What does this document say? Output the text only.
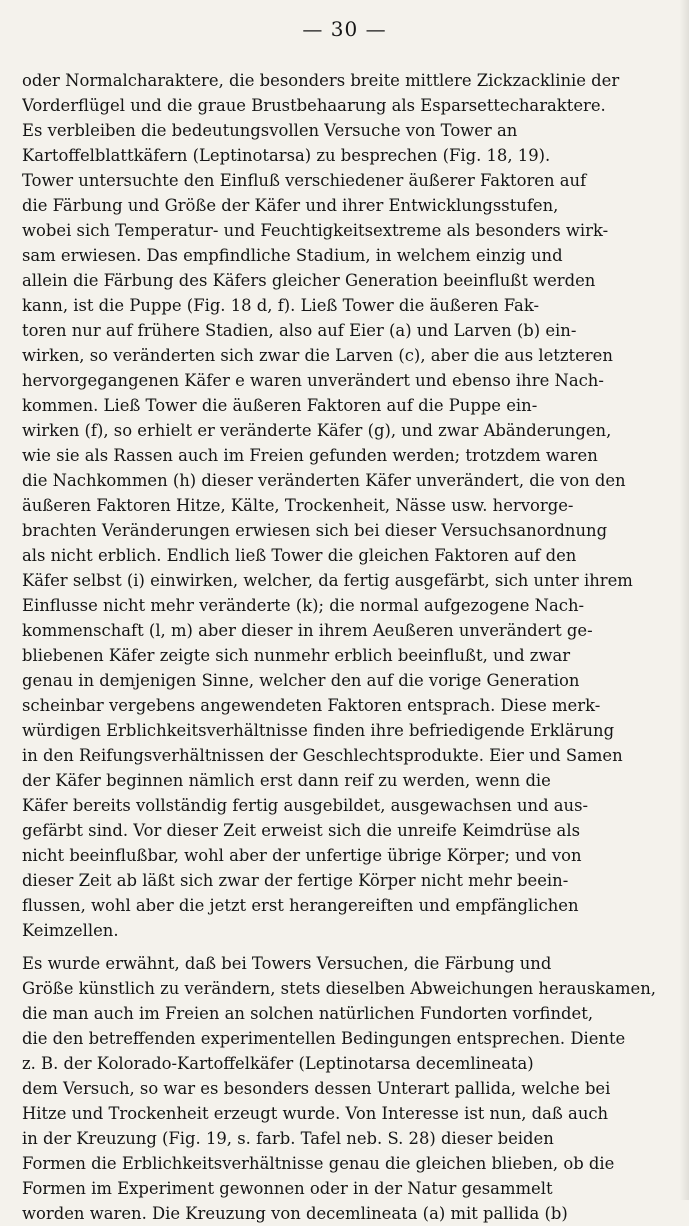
— 30 —
oder Normalcharaktere, die besonders breite mittlere Zickzacklinie der
Vorderflügel und die graue Brustbehaarung als Esparsettecharaktere.
Es verbleiben die bedeutungsvollen Versuche von Tower an
Kartoffelblattkäfern (Leptinotarsa) zu besprechen (Fig. 18, 19).
Tower untersuchte den Einfluß verschiedener äußerer Faktoren auf
die Färbung und Größe der Käfer und ihrer Entwicklungsstufen,
wobei sich Temperatur- und Feuchtigkeitsextreme als besonders wirk-
sam erwiesen. Das empfindliche Stadium, in welchem einzig und
allein die Färbung des Käfers gleicher Generation beeinflußt werden
kann, ist die Puppe (Fig. 18 d, f). Ließ Tower die äußeren Fak-
toren nur auf frühere Stadien, also auf Eier (a) und Larven (b) ein-
wirken, so veränderten sich zwar die Larven (c), aber die aus letzteren
hervorgegangenen Käfer e waren unverändert und ebenso ihre Nach-
kommen. Ließ Tower die äußeren Faktoren auf die Puppe ein-
wirken (f), so erhielt er veränderte Käfer (g), und zwar Abänderungen,
wie sie als Rassen auch im Freien gefunden werden; trotzdem waren
die Nachkommen (h) dieser veränderten Käfer unverändert, die von den
äußeren Faktoren Hitze, Kälte, Trockenheit, Nässe usw. hervorge-
brachten Veränderungen erwiesen sich bei dieser Versuchsanordnung
als nicht erblich. Endlich ließ Tower die gleichen Faktoren auf den
Käfer selbst (i) einwirken, welcher, da fertig ausgefärbt, sich unter ihrem
Einflusse nicht mehr veränderte (k); die normal aufgezogene Nach-
kommenschaft (l, m) aber dieser in ihrem Aeußeren unverändert ge-
bliebenen Käfer zeigte sich nunmehr erblich beeinflußt, und zwar
genau in demjenigen Sinne, welcher den auf die vorige Generation
scheinbar vergebens angewendeten Faktoren entsprach. Diese merk-
würdigen Erblichkeitsverhältnisse finden ihre befriedigende Erklärung
in den Reifungsverhältnissen der Geschlechtsprodukte. Eier und Samen
der Käfer beginnen nämlich erst dann reif zu werden, wenn die
Käfer bereits vollständig fertig ausgebildet, ausgewachsen und aus-
gefärbt sind. Vor dieser Zeit erweist sich die unreife Keimdrüse als
nicht beeinflußbar, wohl aber der unfertige übrige Körper; und von
dieser Zeit ab läßt sich zwar der fertige Körper nicht mehr beein-
flussen, wohl aber die jetzt erst herangereiften und empfänglichen
Keimzellen.
Es wurde erwähnt, daß bei Towers Versuchen, die Färbung und
Größe künstlich zu verändern, stets dieselben Abweichungen herauskamen,
die man auch im Freien an solchen natürlichen Fundorten vorfindet,
die den betreffenden experimentellen Bedingungen entsprechen. Diente
z. B. der Kolorado-Kartoffelkäfer (Leptinotarsa decemlineata)
dem Versuch, so war es besonders dessen Unterart pallida, welche bei
Hitze und Trockenheit erzeugt wurde. Von Interesse ist nun, daß auch
in der Kreuzung (Fig. 19, s. farb. Tafel neb. S. 28) dieser beiden
Formen die Erblichkeitsverhältnisse genau die gleichen blieben, ob die
Formen im Experiment gewonnen oder in der Natur gesammelt
worden waren. Die Kreuzung von decemlineata (a) mit pallida (b)
